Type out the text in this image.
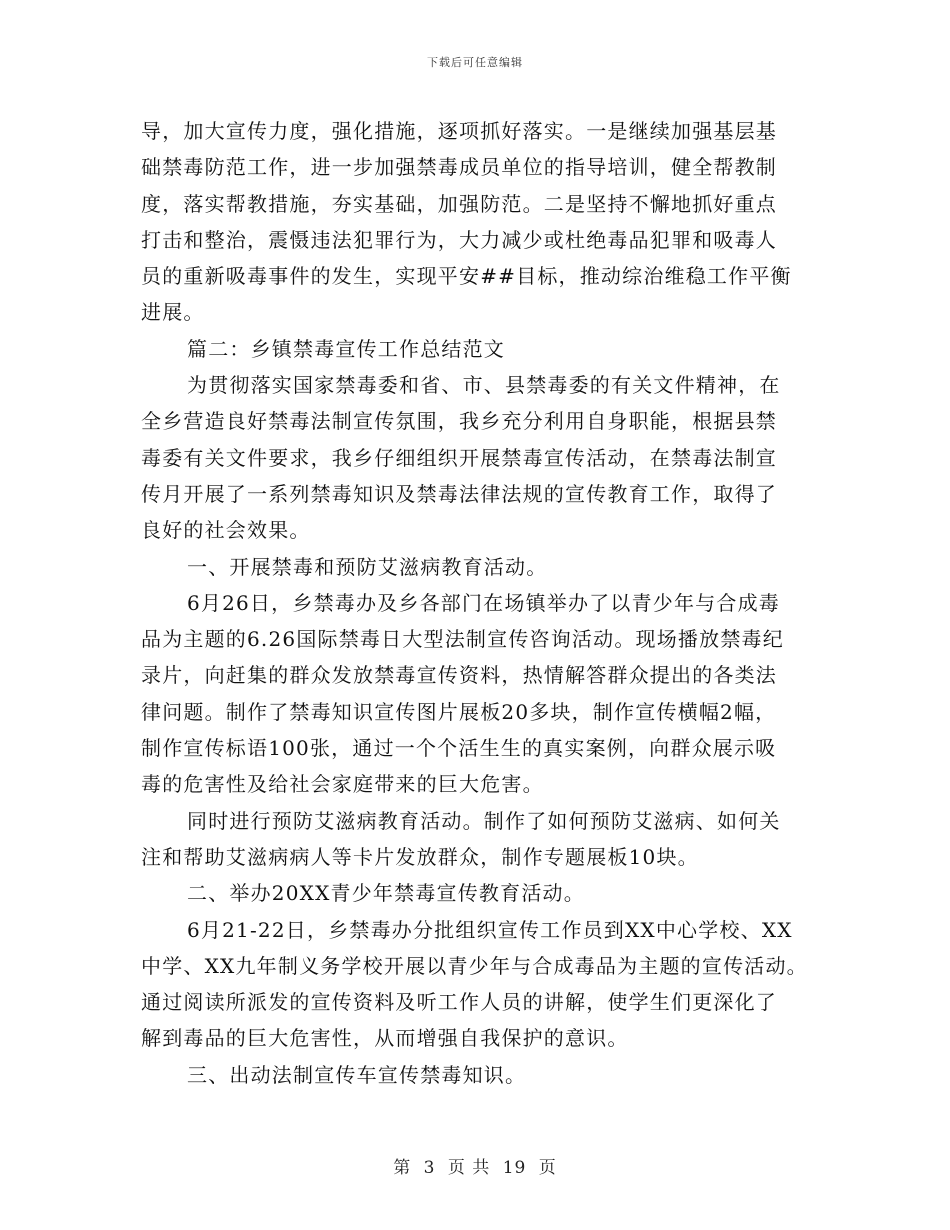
下载后可任意编辑
导，加大宣传力度，强化措施，逐项抓好落实。一是继续加强基层基
础禁毒防范工作，进一步加强禁毒成员单位的指导培训，健全帮教制
度，落实帮教措施，夯实基础，加强防范。二是坚持不懈地抓好重点
打击和整治，震慑违法犯罪行为，大力减少或杜绝毒品犯罪和吸毒人
员的重新吸毒事件的发生，实现平安##目标，推动综治维稳工作平衡
进展。
篇二：乡镇禁毒宣传工作总结范文
为贯彻落实国家禁毒委和省、市、县禁毒委的有关文件精神，在
全乡营造良好禁毒法制宣传氛围，我乡充分利用自身职能，根据县禁
毒委有关文件要求，我乡仔细组织开展禁毒宣传活动，在禁毒法制宣
传月开展了一系列禁毒知识及禁毒法律法规的宣传教育工作，取得了
良好的社会效果。
一、开展禁毒和预防艾滋病教育活动。
6月26日，乡禁毒办及乡各部门在场镇举办了以青少年与合成毒
品为主题的6.26国际禁毒日大型法制宣传咨询活动。现场播放禁毒纪
录片，向赶集的群众发放禁毒宣传资料，热情解答群众提出的各类法
律问题。制作了禁毒知识宣传图片展板20多块，制作宣传横幅2幅，
制作宣传标语100张，通过一个个活生生的真实案例，向群众展示吸
毒的危害性及给社会家庭带来的巨大危害。
同时进行预防艾滋病教育活动。制作了如何预防艾滋病、如何关
注和帮助艾滋病病人等卡片发放群众，制作专题展板10块。
二、举办20XX青少年禁毒宣传教育活动。
6月21-22日，乡禁毒办分批组织宣传工作员到XX中心学校、XX
中学、XX九年制义务学校开展以青少年与合成毒品为主题的宣传活动。
通过阅读所派发的宣传资料及听工作人员的讲解，使学生们更深化了
解到毒品的巨大危害性，从而增强自我保护的意识。
三、出动法制宣传车宣传禁毒知识。
第 3 页 共 19 页
